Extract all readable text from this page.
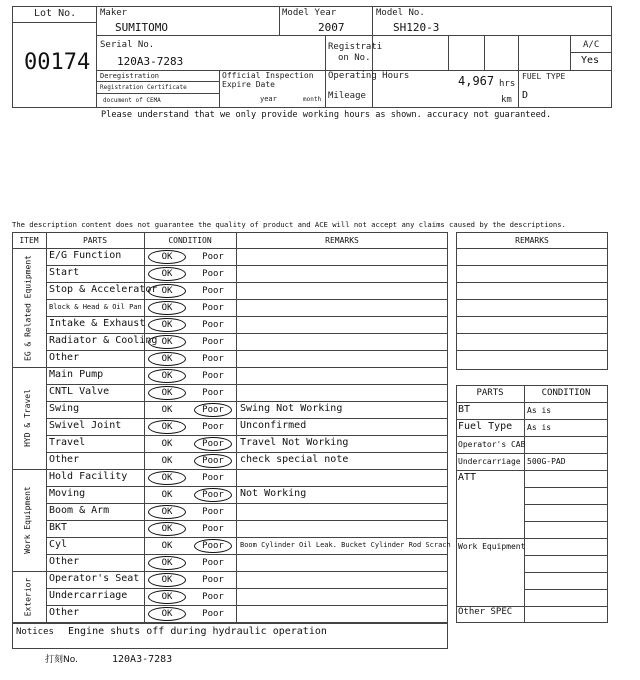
Lot No.
00174
Maker
SUMITOMO
Model Year
2007
Model No.
SH120-3
Serial No.
120A3-7283
Registrati
on No.
A/C
Yes
Deregistration
Registration Certificate
document of CEMA
Official Inspection
Expire Date
year	month
Operating Hours	4,967 hrs
Mileage	km
FUEL TYPE
D
Please understand that we only provide working hours as shown. accuracy not guaranteed.
The description content does not guarantee the quality of product and ACE will not accept any claims caused by the descriptions.
ITEM	PARTS	CONDITION	REMARKS
E/G Function	OK	Poor
Start	OK	Poor
Stop & Accelerator OK	Poor
Block & Head & Oil Pan	OK	Poor
Intake & Exhaust	OK	Poor
Radiator & Cooling OK	Poor
Other	OK	Poor
EG & Related Equipment
Main Pump	OK	Poor
CNTL Valve	OK	Poor
Swing	OK	Poor	Swing Not Working
Swivel Joint	OK	Poor	Unconfirmed
Travel	OK	Poor	Travel Not Working
Other	OK	Poor	check special note
HYD & Travel
Hold Facility	OK	Poor
Moving	OK	Poor	Not Working
Boom & Arm	OK	Poor
BKT	OK	Poor
Cyl	OK	Poor	Boom Cylinder Oil Leak. Bucket Cylinder Rod Scrach
Other	OK	Poor
Work Equipment
Operator's Seat	OK	Poor
Undercarriage	OK	Poor
Other	OK	Poor
Exterior
Notices Engine shuts off during hydraulic operation
REMARKS
PARTS	CONDITION
BT	As is
Fuel Type As is
Operator's CAB
Undercarriage 500G-PAD
ATT
Work Equipment
Other SPEC
打刻No.	120A3-7283
